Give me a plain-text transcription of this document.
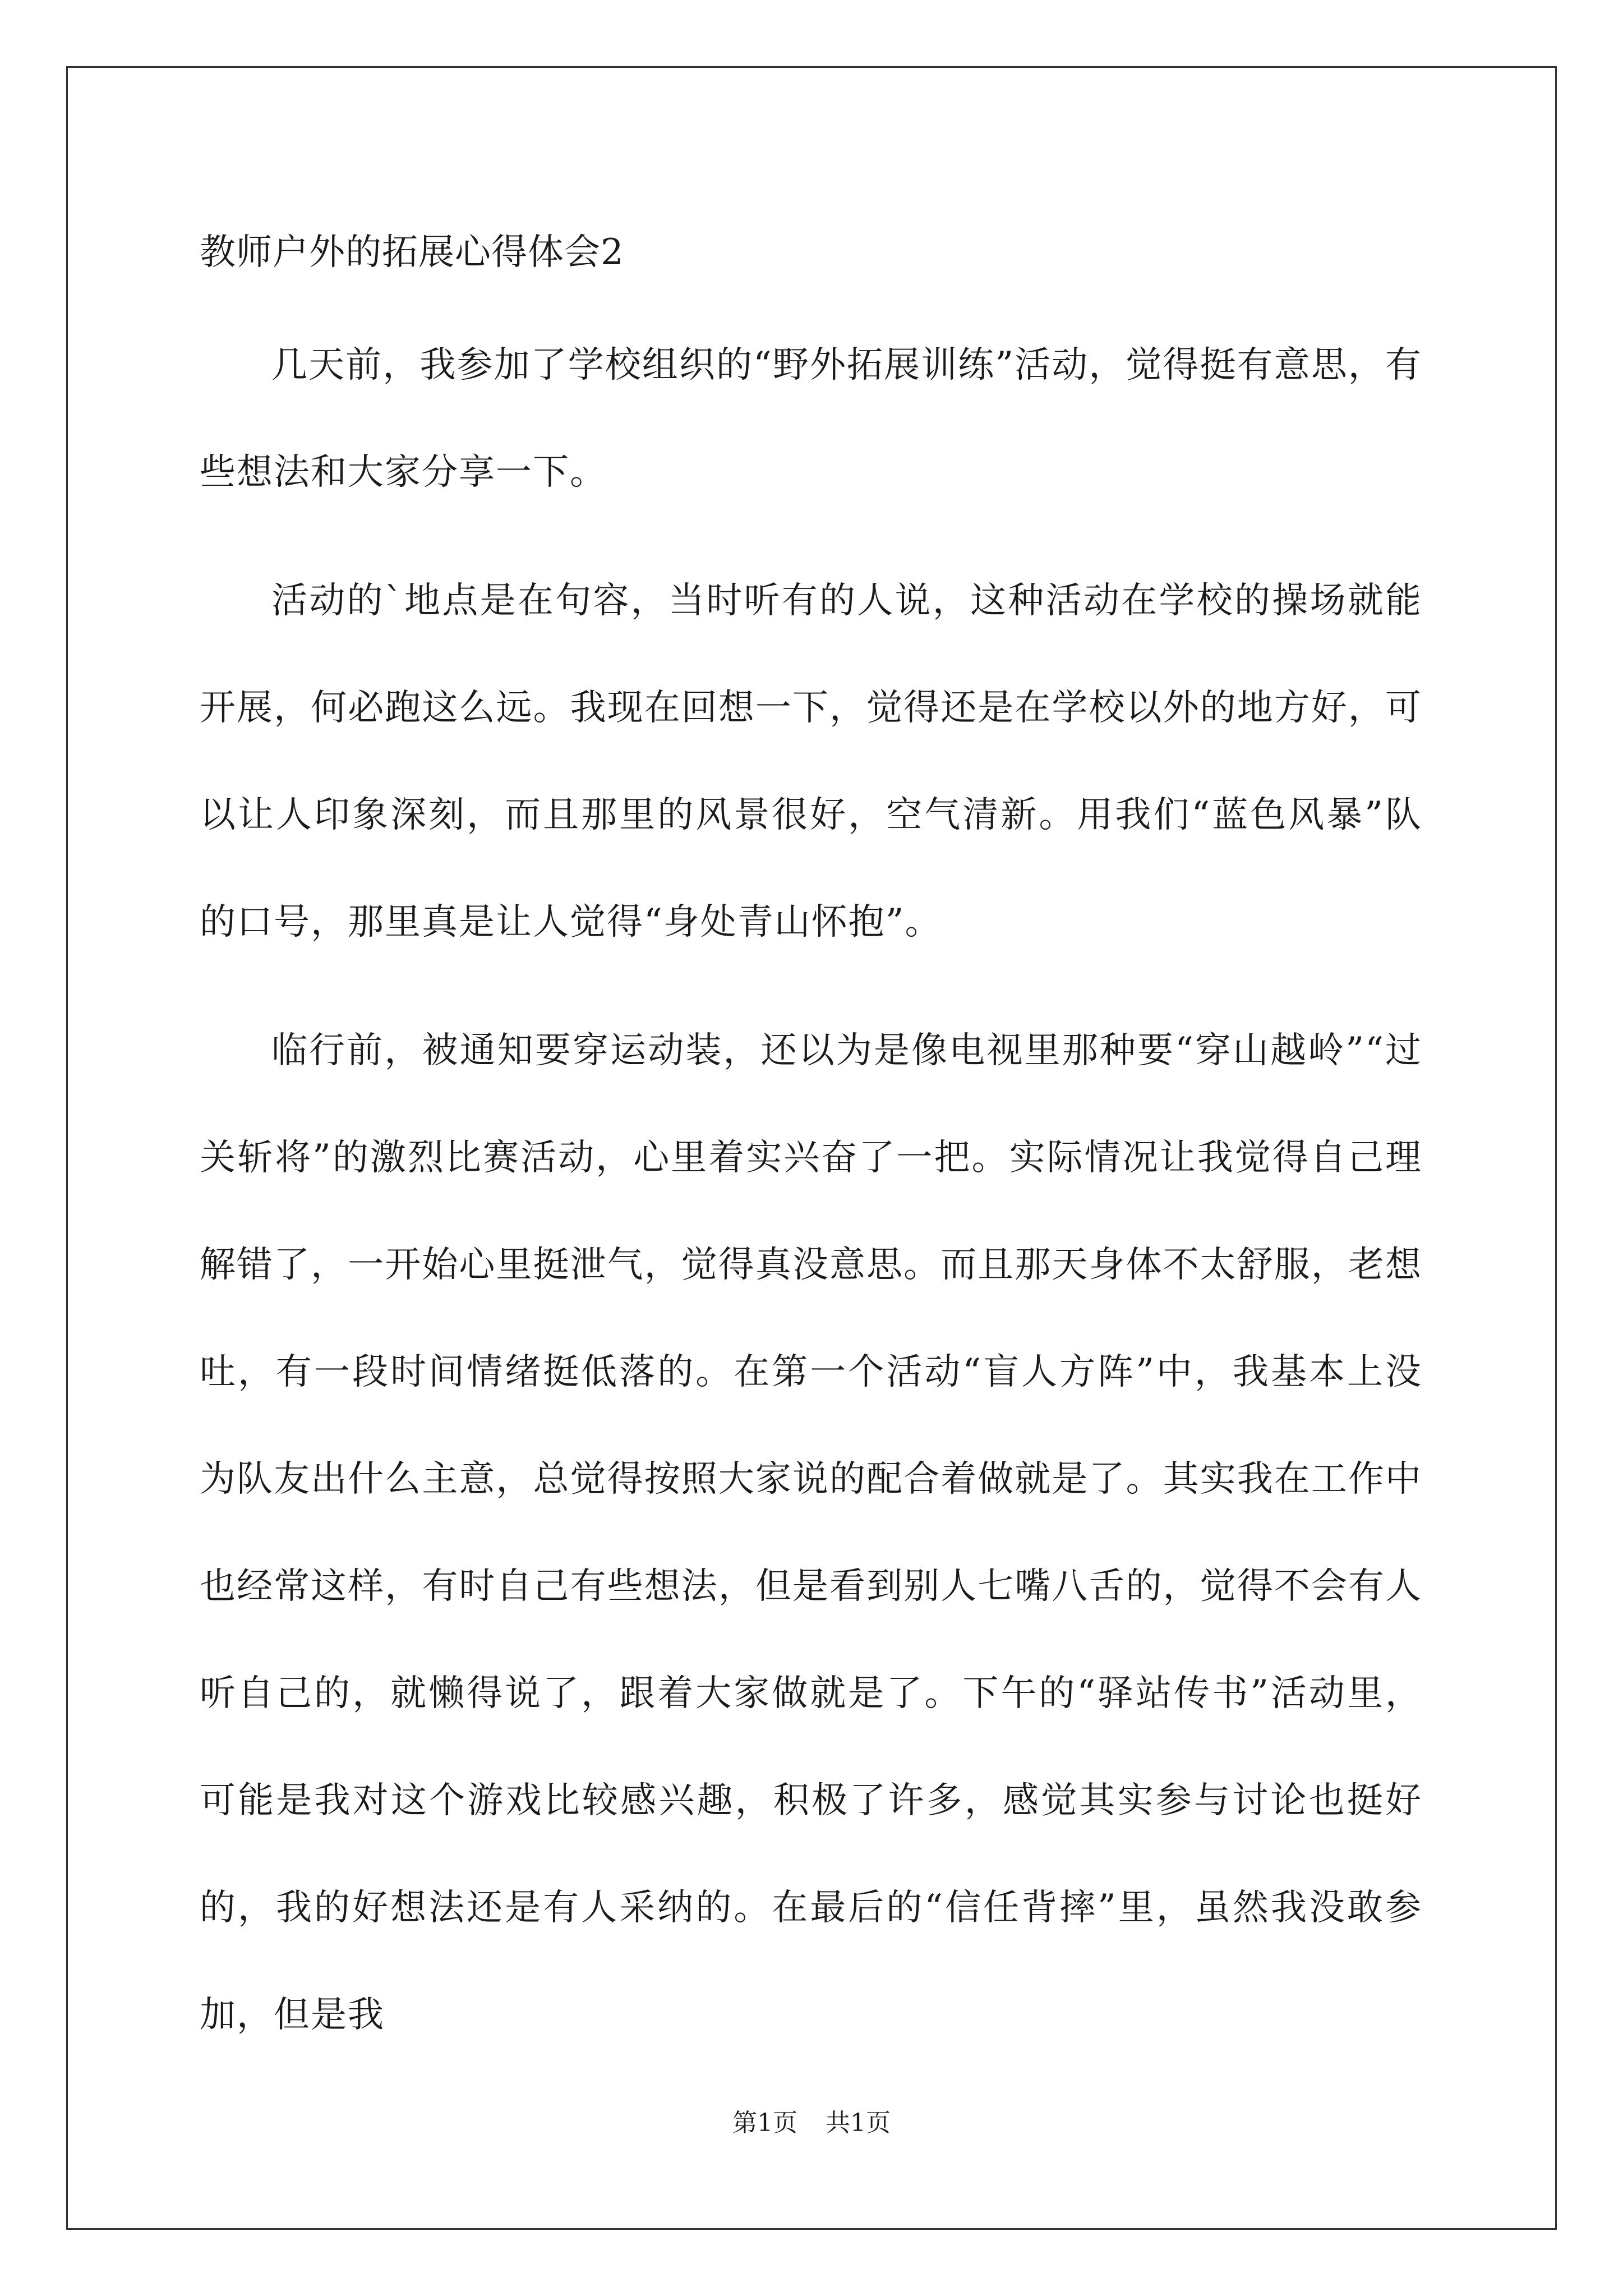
教师户外的拓展心得体会2

几天前，我参加了学校组织的“野外拓展训练”活动，觉得挺有意思，有些想法和大家分享一下。

活动的`地点是在句容，当时听有的人说，这种活动在学校的操场就能开展，何必跑这么远。我现在回想一下，觉得还是在学校以外的地方好，可以让人印象深刻，而且那里的风景很好，空气清新。用我们“蓝色风暴”队的口号，那里真是让人觉得“身处青山怀抱”。

临行前，被通知要穿运动装，还以为是像电视里那种要“穿山越岭”“过关斩将”的激烈比赛活动，心里着实兴奋了一把。实际情况让我觉得自己理解错了，一开始心里挺泄气，觉得真没意思。而且那天身体不太舒服，老想吐，有一段时间情绪挺低落的。在第一个活动“盲人方阵”中，我基本上没为队友出什么主意，总觉得按照大家说的配合着做就是了。其实我在工作中也经常这样，有时自己有些想法，但是看到别人七嘴八舌的，觉得不会有人听自己的，就懒得说了，跟着大家做就是了。下午的“驿站传书”活动里，可能是我对这个游戏比较感兴趣，积极了许多，感觉其实参与讨论也挺好的，我的好想法还是有人采纳的。在最后的“信任背摔”里，虽然我没敢参加，但是我

第1页 共1页
